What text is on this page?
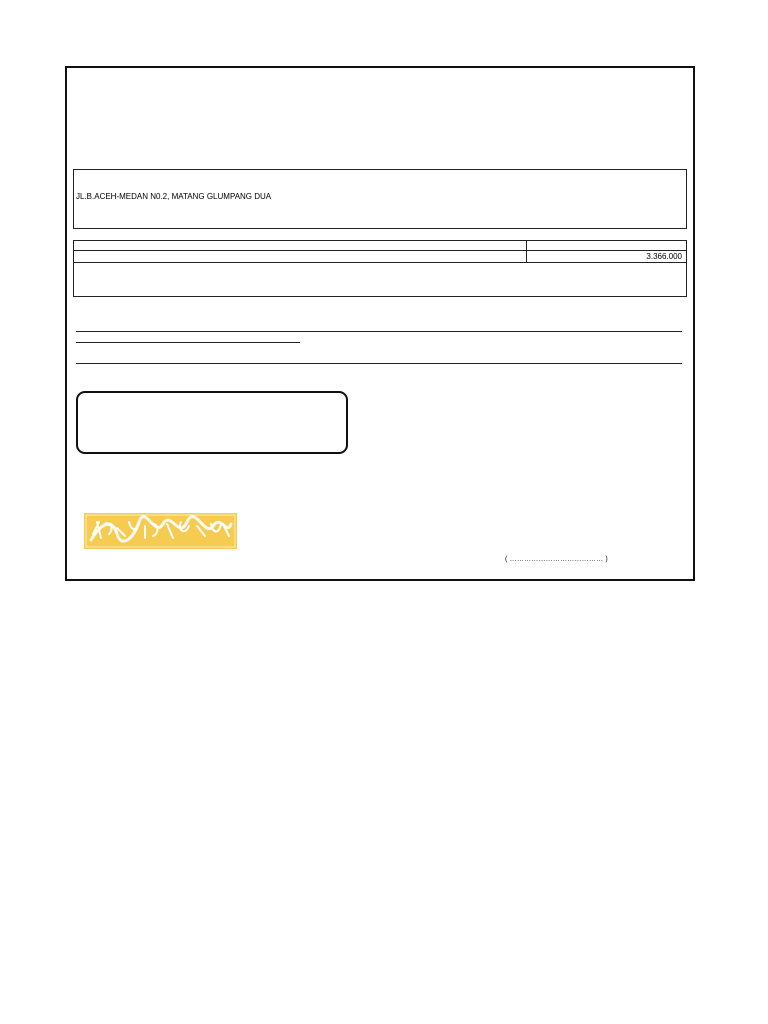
JL.B.ACEH-MEDAN N0.2, MATANG GLUMPANG DUA
3.366.000
( ………………………………… )
